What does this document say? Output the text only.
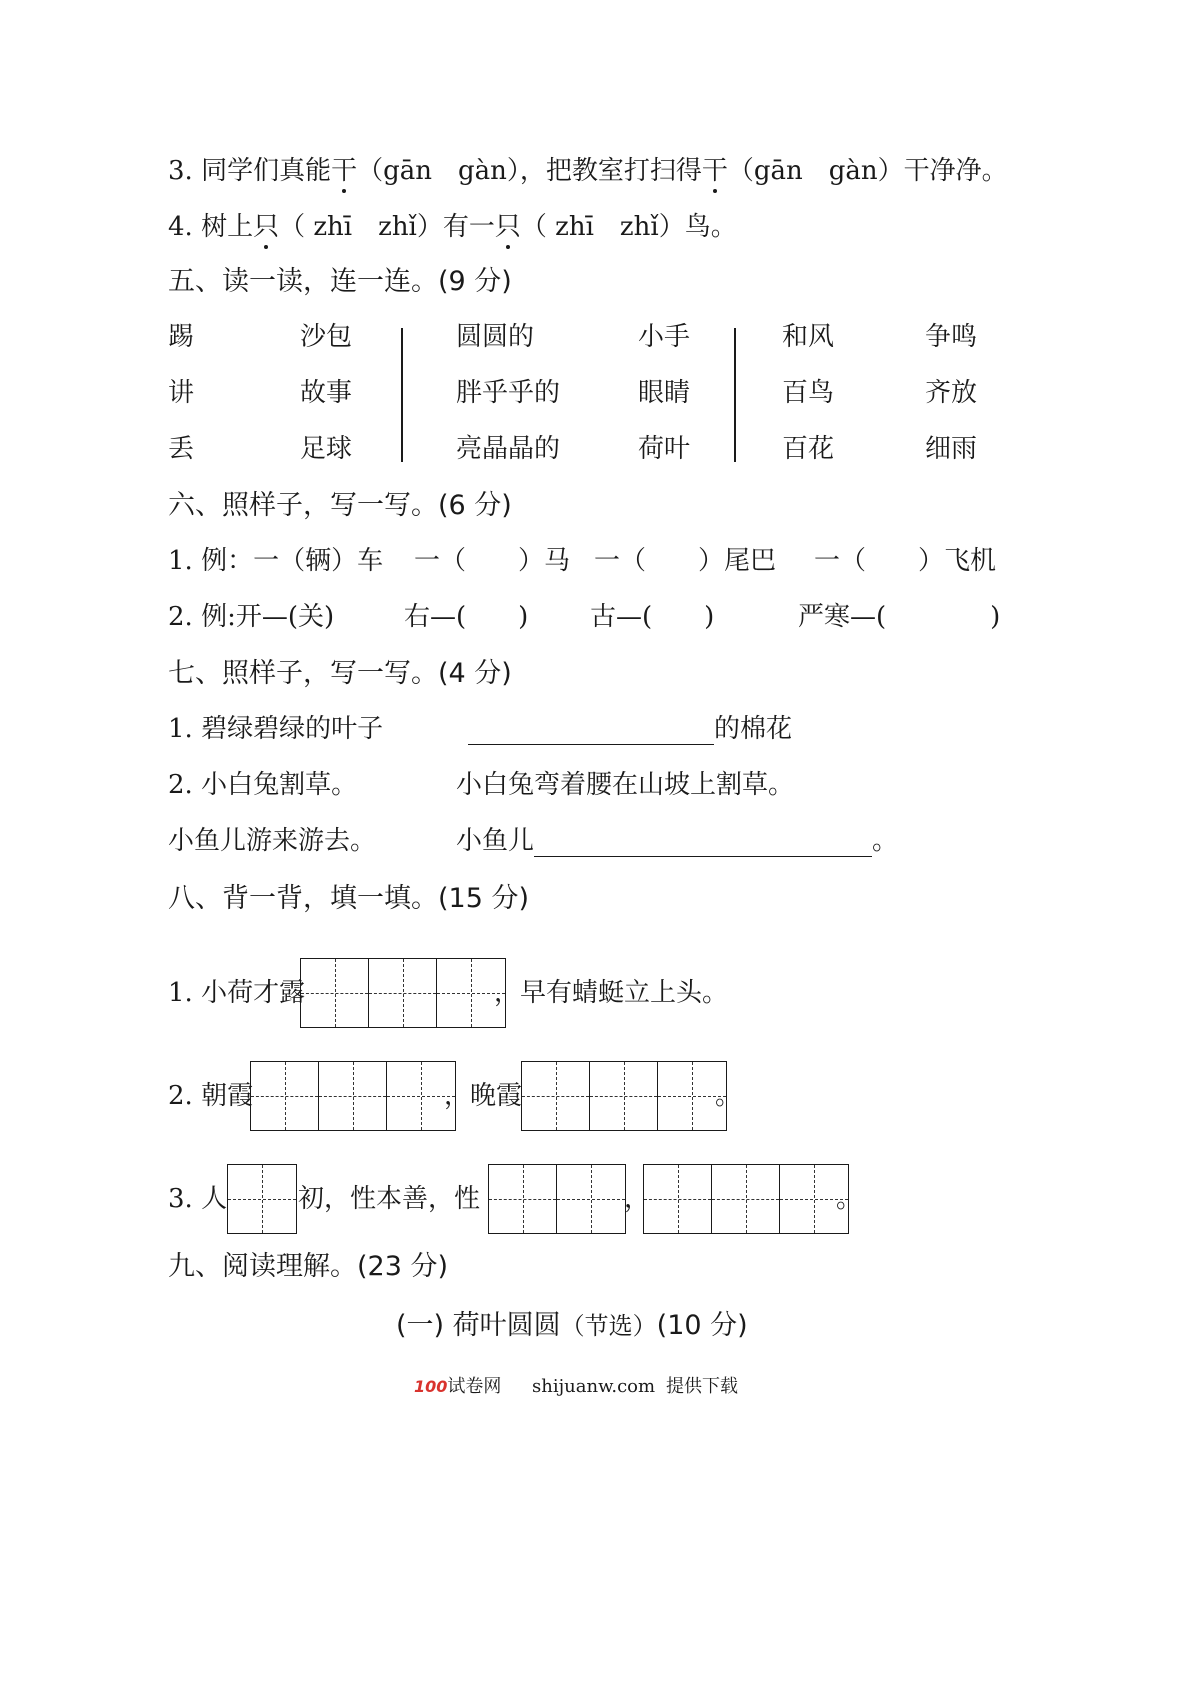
3. 同学们真能干（gān　gàn），把教室打扫得干（gān　gàn）干净净。
4. 树上只（ zhī　zhǐ）有一只（ zhī　zhǐ）鸟。
五、读一读，连一连。(9 分)
踢	沙包	圆圆的	小手	和风	争鸣
讲	故事	胖乎乎的	眼睛	百鸟	齐放
丢	足球	亮晶晶的	荷叶	百花	细雨
六、照样子，写一写。(6 分)
1. 例：一（辆）车 一（　　）马 一（　　）尾巴 一（　　）飞机
2. 例:开—(关)	右—(　　) 古—(　　)	严寒—(　　　　)
七、照样子，写一写。(4 分)
1. 碧绿碧绿的叶子	的棉花
2. 小白兔割草。	小白兔弯着腰在山坡上割草。
小鱼儿游来游去。	小鱼儿	。
八、背一背，填一填。(15 分)
1. 小荷才露	，早有蜻蜓立上头。
2. 朝霞	，晚霞	。
3. 人	初，性本善，性	，	。
九、阅读理解。(23 分)
(一) 荷叶圆圆（节选）(10 分)
100试卷网 shijuanw.com 提供下载
